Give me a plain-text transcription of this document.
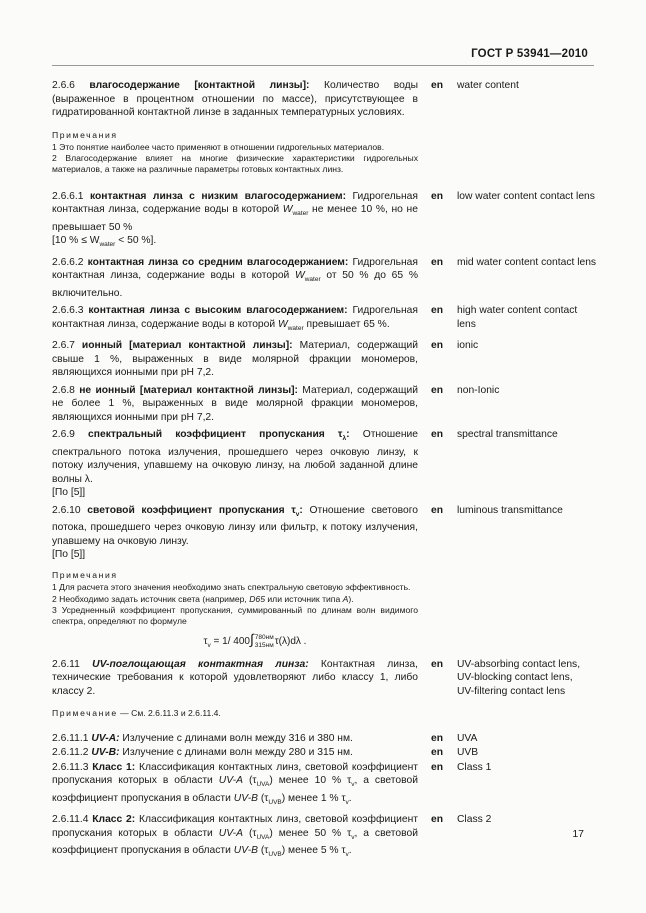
ГОСТ Р 53941—2010
2.6.6 влагосодержание [контактной линзы]: Количество воды (выраженное в процентном отношении по массе), присутствующее в гидратированной контактной линзе в заданных температурных условиях.
en water content
Примечания
1 Это понятие наиболее часто применяют в отношении гидрогельных материалов.
2 Влагосодержание влияет на многие физические характеристики гидрогельных материалов, а также на различные параметры готовых контактных линз.
2.6.6.1 контактная линза с низким влагосодержанием: Гидрогельная контактная линза, содержание воды в которой $W_{water}$ не менее 10 %, но не превышает 50 %
[10 % ≤ $W_{water} < 50$ %].
en low water content contact lens
2.6.6.2 контактная линза со средним влагосодержанием: Гидрогельная контактная линза, содержание воды в которой $W_{water}$ от 50 % до 65 % включительно.
en mid water content contact lens
2.6.6.3 контактная линза с высоким влагосодержанием: Гидрогельная контактная линза, содержание воды в которой $W_{water}$ превышает 65 %.
en high water content contact lens
2.6.7 ионный [материал контактной линзы]: Материал, содержащий свыше 1 %, выраженных в виде молярной фракции мономеров, являющихся ионными при рН 7,2.
en ionic
2.6.8 не ионный [материал контактной линзы]: Материал, содержащий не более 1 %, выраженных в виде молярной фракции мономеров, являющихся ионными при рН 7,2.
en non-Ionic
2.6.9 спектральный коэффициент пропускания $\tau_\lambda$: Отношение спектрального потока излучения, прошедшего через очковую линзу, к потоку излучения, упавшему на очковую линзу, на любой заданной длине волны λ.
[По [5]]
en spectral transmittance
2.6.10 световой коэффициент пропускания $\tau_v$: Отношение светового потока, прошедшего через очковую линзу или фильтр, к потоку излучения, упавшему на очковую линзу.
[По [5]]
en luminous transmittance
Примечания
1 Для расчета этого значения необходимо знать спектральную световую эффективность.
2 Необходимо задать источник света (например, D65 или источник типа A).
3 Усредненный коэффициент пропускания, суммированный по длинам волн видимого спектра, определяют по формуле
$\tau_v = 1/$ 400∫780нм
315нмτ(λ)dλ .
2.6.11 UV-поглощающая контактная линза: Контактная линза, технические требования к которой удовлетворяют либо классу 1, либо классу 2.
en UV-absorbing contact lens,
UV-blocking contact lens,
UV-filtering contact lens
Примечание — См. 2.6.11.3 и 2.6.11.4.
2.6.11.1 UV-A: Излучение с длинами волн между 316 и 380 нм.	en UVA
2.6.11.2 UV-B: Излучение с длинами волн между 280 и 315 нм.	en UVB
2.6.11.3 Класс 1: Классификация контактных линз, световой коэффициент пропускания которых в области UV-A $(\tau_{UVA})$ менее 10 % $\tau_v$, а световой коэффициент пропускания в области UV-B $(\tau_{UVB})$ менее 1 % $\tau_v$.
en Class 1
2.6.11.4 Класс 2: Классификация контактных линз, световой коэффициент пропускания которых в области UV-A $(\tau_{UVA})$ менее 50 % $\tau_v$, а световой коэффициент пропускания в области UV-B $(\tau_{UVB})$ менее 5 % $\tau_v$.
en Class 2
17
